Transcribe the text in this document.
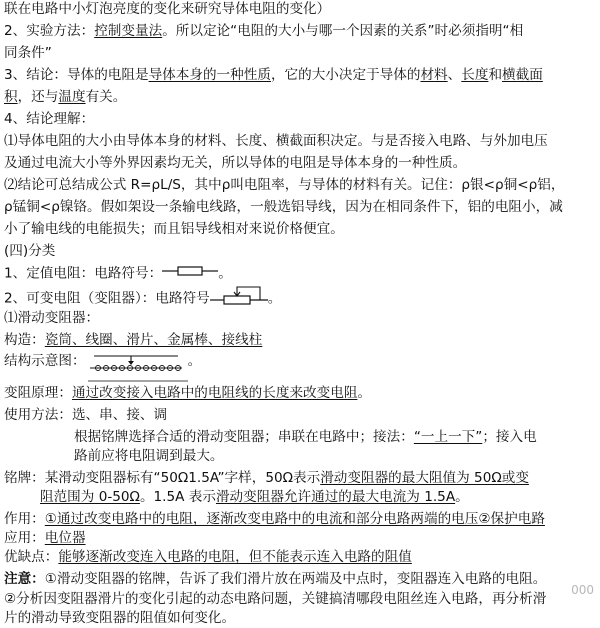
联在电路中小灯泡亮度的变化来研究导体电阻的变化）

2、实验方法：控制变量法。所以定论“电阻的大小与哪一个因素的关系”时必须指明“相

同条件”

3、结论：导体的电阻是导体本身的一种性质，它的大小决定于导体的材料、长度和横截面

积，还与温度有关。

4、结论理解：

⑴导体电阻的大小由导体本身的材料、长度、横截面积决定。与是否接入电路、与外加电压

及通过电流大小等外界因素均无关，所以导体的电阻是导体本身的一种性质。

⑵结论可总结成公式 R=ρL/S，其中ρ叫电阻率，与导体的材料有关。记住：ρ银<ρ铜<ρ铝，

ρ锰铜<ρ镍铬。假如架设一条输电线路，一般选铝导线，因为在相同条件下，铝的电阻小，减

小了输电线的电能损失；而且铝导线相对来说价格便宜。

(四)分类

1、定值电阻：电路符号：	。

2、可变电阻（变阻器）：电路符号	。

⑴滑动变阻器：

构造：瓷筒、线圈、滑片、金属棒、接线柱

结构示意图：	。

变阻原理：通过改变接入电路中的电阻线的长度来改变电阻。

使用方法：选、串、接、调

根据铭牌选择合适的滑动变阻器；串联在电路中；接法：“一上一下”；接入电

路前应将电阻调到最大。

铭牌：某滑动变阻器标有“50Ω1.5A”字样，50Ω表示滑动变阻器的最大阻值为 50Ω或变

阻范围为 0-50Ω。1.5A 表示滑动变阻器允许通过的最大电流为 1.5A。

作用：①通过改变电路中的电阻，逐渐改变电路中的电流和部分电路两端的电压②保护电路

应用：电位器

优缺点：能够逐渐改变连入电路的电阻，但不能表示连入电路的阻值

注意：①滑动变阻器的铭牌，告诉了我们滑片放在两端及中点时，变阻器连入电路的电阻。

②分析因变阻器滑片的变化引起的动态电路问题，关键搞清哪段电阻丝连入电路，再分析滑

片的滑动导致变阻器的阻值如何变化。

000
